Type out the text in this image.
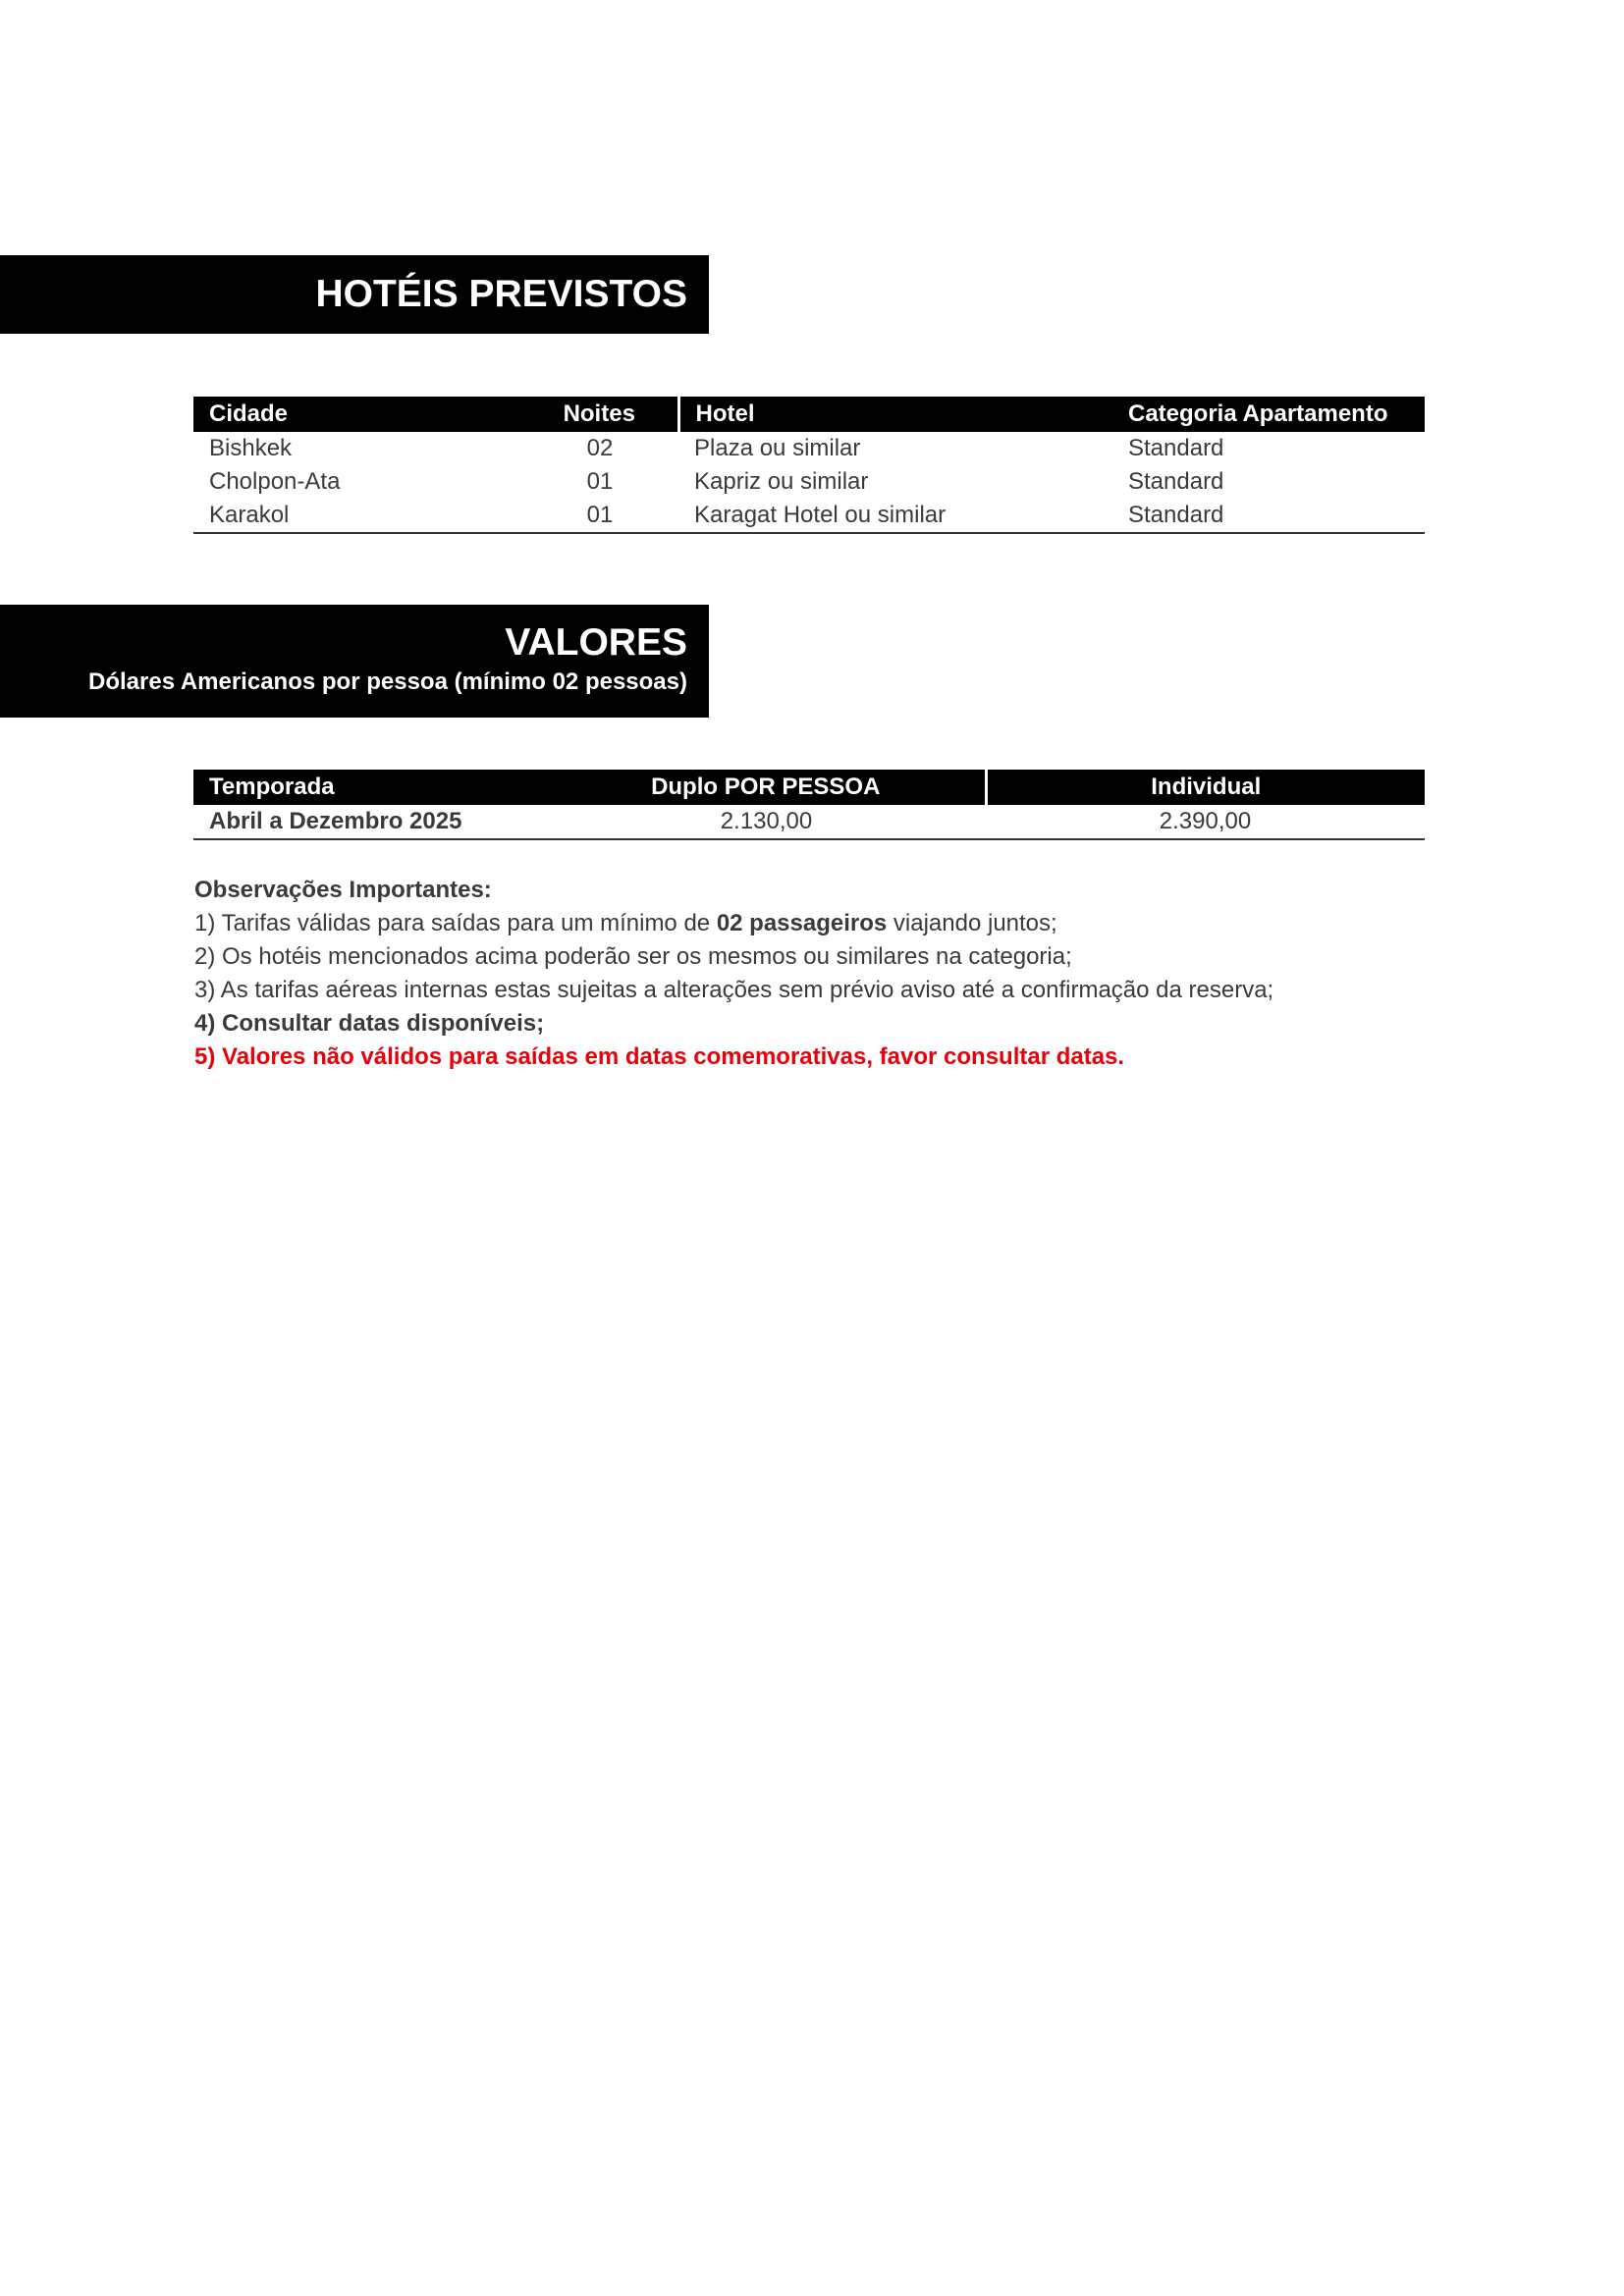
HOTÉIS PREVISTOS
Cidade	Noites	Hotel	Categoria Apartamento
Bishkek	02	Plaza ou similar	Standard
Cholpon-Ata	01	Kapriz ou similar	Standard
Karakol	01	Karagat Hotel ou similar	Standard
VALORES
Dólares Americanos por pessoa (mínimo 02 pessoas)
Temporada	Duplo POR PESSOA	Individual
Abril a Dezembro 2025	2.130,00	2.390,00
Observações Importantes:
1) Tarifas válidas para saídas para um mínimo de 02 passageiros viajando juntos;
2) Os hotéis mencionados acima poderão ser os mesmos ou similares na categoria;
3) As tarifas aéreas internas estas sujeitas a alterações sem prévio aviso até a confirmação da reserva;
4) Consultar datas disponíveis;
5) Valores não válidos para saídas em datas comemorativas, favor consultar datas.
